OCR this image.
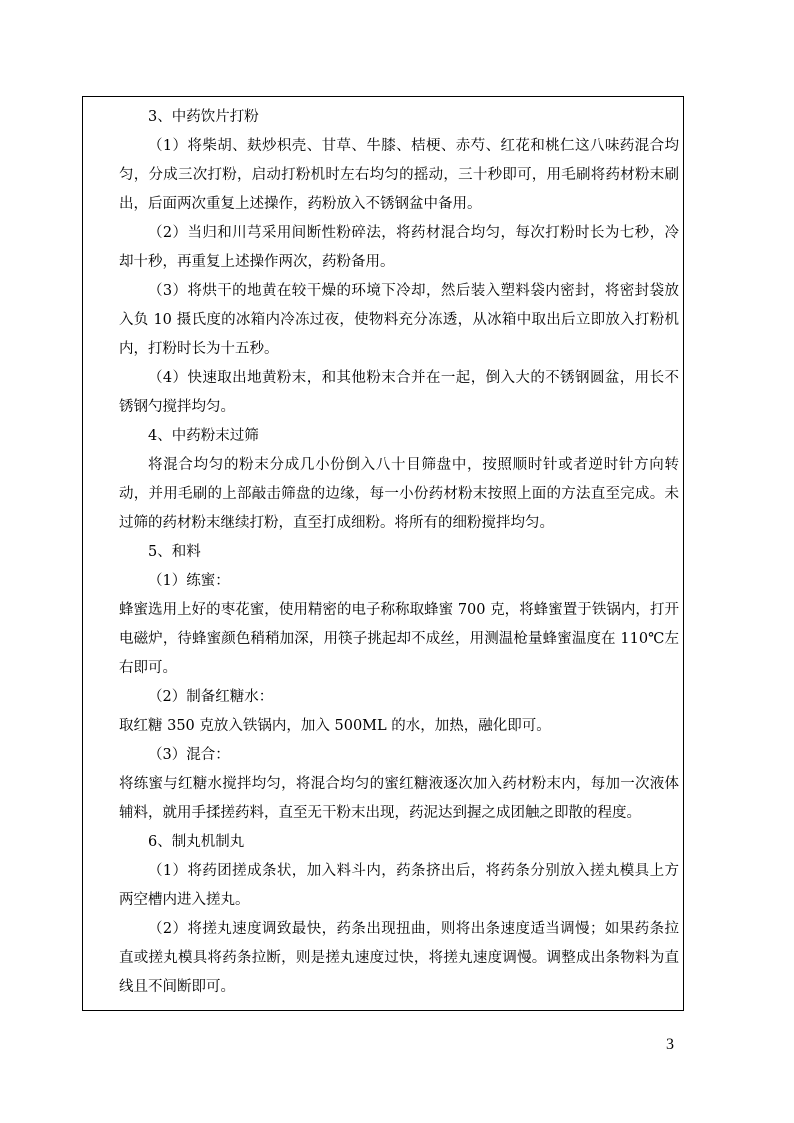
3、中药饮片打粉

（1）将柴胡、麸炒枳壳、甘草、牛膝、桔梗、赤芍、红花和桃仁这八味药混合均匀，分成三次打粉，启动打粉机时左右均匀的摇动，三十秒即可，用毛刷将药材粉末刷出，后面两次重复上述操作，药粉放入不锈钢盆中备用。

（2）当归和川芎采用间断性粉碎法，将药材混合均匀，每次打粉时长为七秒，冷却十秒，再重复上述操作两次，药粉备用。

（3）将烘干的地黄在较干燥的环境下冷却，然后装入塑料袋内密封，将密封袋放入负 10 摄氏度的冰箱内冷冻过夜，使物料充分冻透，从冰箱中取出后立即放入打粉机内，打粉时长为十五秒。

（4）快速取出地黄粉末，和其他粉末合并在一起，倒入大的不锈钢圆盆，用长不锈钢勺搅拌均匀。

4、中药粉末过筛

将混合均匀的粉末分成几小份倒入八十目筛盘中，按照顺时针或者逆时针方向转动，并用毛刷的上部敲击筛盘的边缘，每一小份药材粉末按照上面的方法直至完成。未过筛的药材粉末继续打粉，直至打成细粉。将所有的细粉搅拌均匀。

5、和料

（1）练蜜：

蜂蜜选用上好的枣花蜜，使用精密的电子称称取蜂蜜 700 克，将蜂蜜置于铁锅内，打开电磁炉，待蜂蜜颜色稍稍加深，用筷子挑起却不成丝，用测温枪量蜂蜜温度在 110℃左右即可。

（2）制备红糖水：

取红糖 350 克放入铁锅内，加入 500ML 的水，加热，融化即可。

（3）混合：

将练蜜与红糖水搅拌均匀，将混合均匀的蜜红糖液逐次加入药材粉末内，每加一次液体辅料，就用手揉搓药料，直至无干粉末出现，药泥达到握之成团触之即散的程度。

6、制丸机制丸

（1）将药团搓成条状，加入料斗内，药条挤出后，将药条分别放入搓丸模具上方两空槽内进入搓丸。

（2）将搓丸速度调致最快，药条出现扭曲，则将出条速度适当调慢；如果药条拉直或搓丸模具将药条拉断，则是搓丸速度过快，将搓丸速度调慢。调整成出条物料为直线且不间断即可。

3
